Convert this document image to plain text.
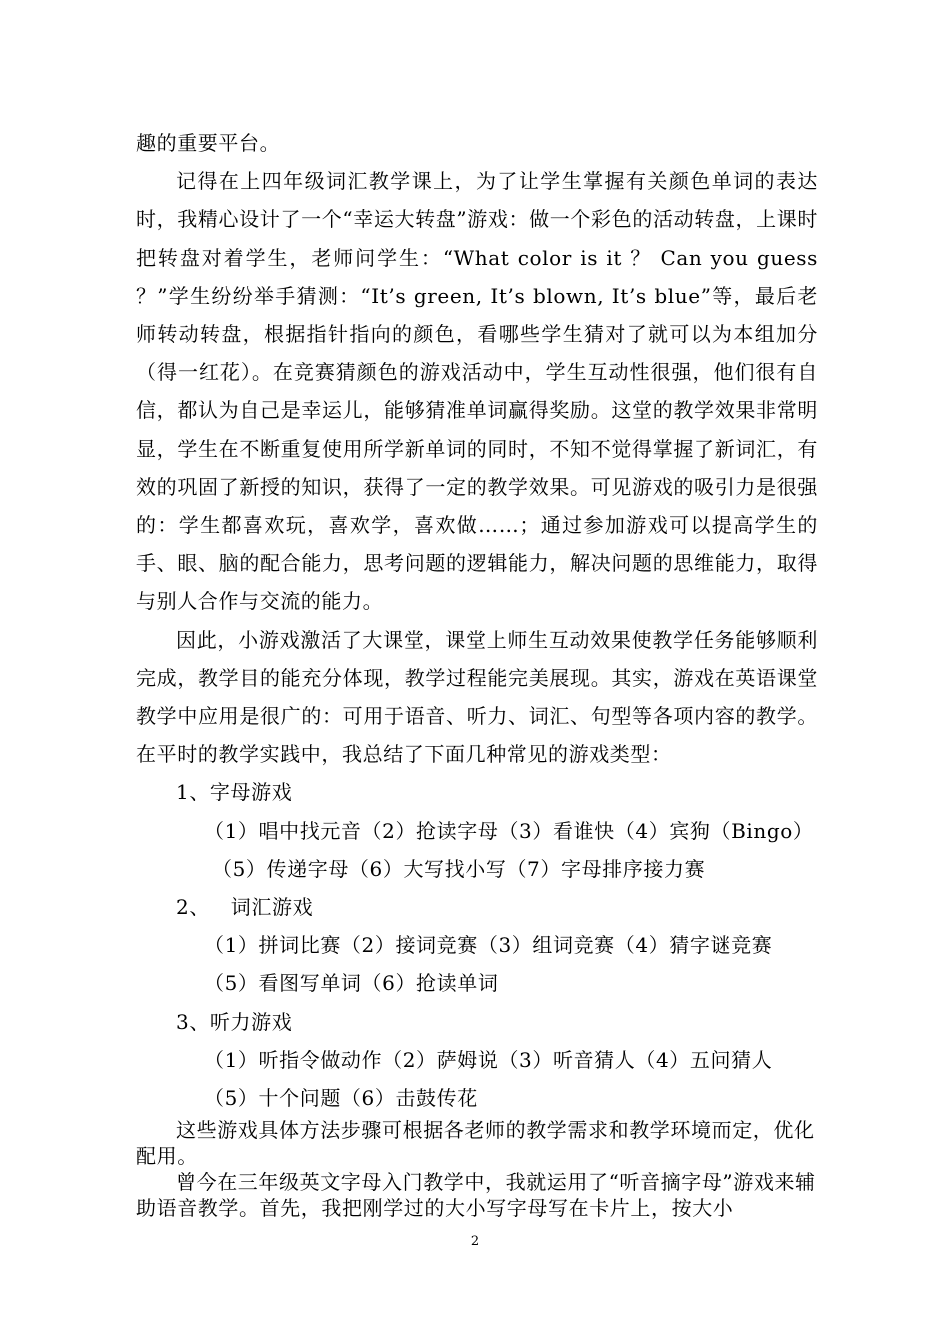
趣的重要平台。

记得在上四年级词汇教学课上，为了让学生掌握有关颜色单词的表达时，我精心设计了一个“幸运大转盘”游戏：做一个彩色的活动转盘，上课时把转盘对着学生，老师问学生：“What color is it ？ Can you guess ？”学生纷纷举手猜测：“It’s green, It’s blown, It’s blue”等，最后老师转动转盘，根据指针指向的颜色，看哪些学生猜对了就可以为本组加分（得一红花）。在竞赛猜颜色的游戏活动中，学生互动性很强，他们很有自信，都认为自己是幸运儿，能够猜准单词赢得奖励。这堂的教学效果非常明显，学生在不断重复使用所学新单词的同时，不知不觉得掌握了新词汇，有效的巩固了新授的知识，获得了一定的教学效果。可见游戏的吸引力是很强的：学生都喜欢玩，喜欢学，喜欢做……；通过参加游戏可以提高学生的手、眼、脑的配合能力，思考问题的逻辑能力，解决问题的思维能力，取得与别人合作与交流的能力。

因此，小游戏激活了大课堂，课堂上师生互动效果使教学任务能够顺利完成，教学目的能充分体现，教学过程能完美展现。其实，游戏在英语课堂教学中应用是很广的：可用于语音、听力、词汇、句型等各项内容的教学。在平时的教学实践中，我总结了下面几种常见的游戏类型：

1、字母游戏

（1）唱中找元音（2）抢读字母（3）看谁快（4）宾狗（Bingo）

（5）传递字母（6）大写找小写（7）字母排序接力赛

2、   词汇游戏

（1）拼词比赛（2）接词竞赛（3）组词竞赛（4）猜字谜竞赛

（5）看图写单词（6）抢读单词

3、听力游戏

（1）听指令做动作（2）萨姆说（3）听音猜人（4）五问猜人

（5）十个问题（6）击鼓传花

这些游戏具体方法步骤可根据各老师的教学需求和教学环境而定，优化配用。

曾今在三年级英文字母入门教学中，我就运用了“听音摘字母”游戏来辅助语音教学。首先，我把刚学过的大小写字母写在卡片上，按大小

2
